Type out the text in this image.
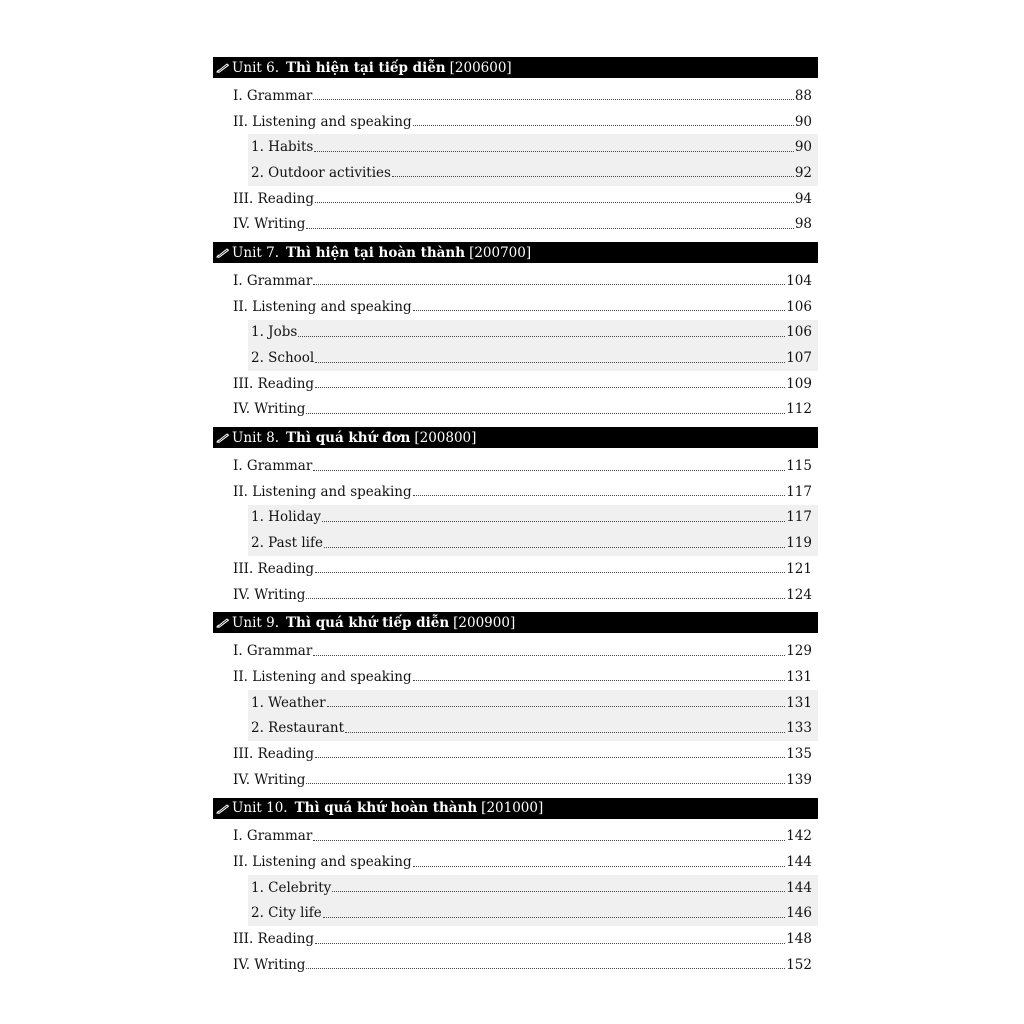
Unit 6. Thì hiện tại tiếp diễn [200600]
I. Grammar	88
II. Listening and speaking	90
1. Habits	90
2. Outdoor activities	92
III. Reading	94
IV. Writing	98
Unit 7. Thì hiện tại hoàn thành [200700]
I. Grammar	104
II. Listening and speaking	106
1. Jobs	106
2. School	107
III. Reading	109
IV. Writing	112
Unit 8. Thì quá khứ đơn [200800]
I. Grammar	115
II. Listening and speaking	117
1. Holiday	117
2. Past life	119
III. Reading	121
IV. Writing	124
Unit 9. Thì quá khứ tiếp diễn [200900]
I. Grammar	129
II. Listening and speaking	131
1. Weather	131
2. Restaurant	133
III. Reading	135
IV. Writing	139
Unit 10. Thì quá khứ hoàn thành [201000]
I. Grammar	142
II. Listening and speaking	144
1. Celebrity	144
2. City life	146
III. Reading	148
IV. Writing	152
